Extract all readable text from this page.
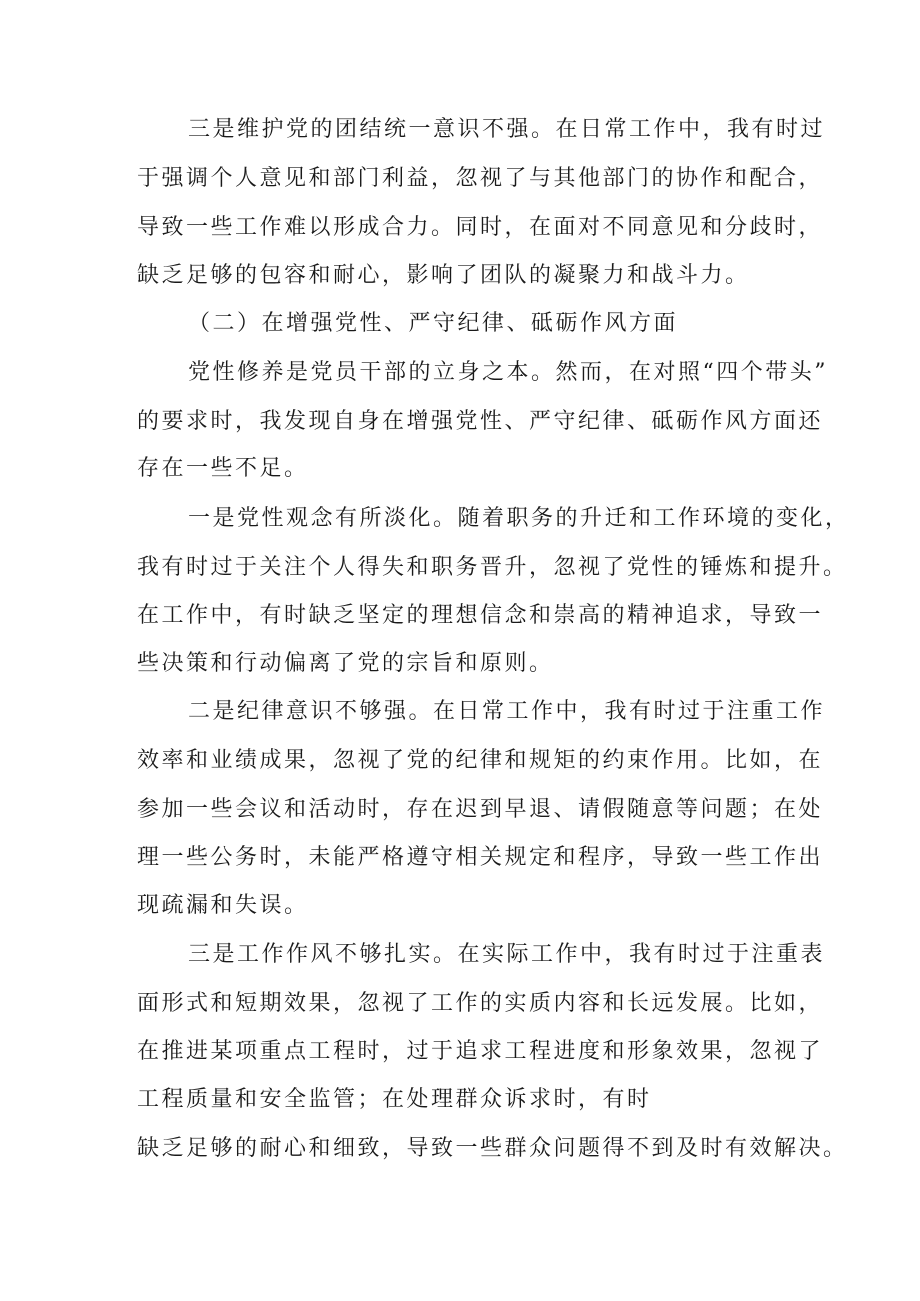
三是维护党的团结统一意识不强。在日常工作中，我有时过
于强调个人意见和部门利益，忽视了与其他部门的协作和配合，
导致一些工作难以形成合力。同时，在面对不同意见和分歧时，
缺乏足够的包容和耐心，影响了团队的凝聚力和战斗力。
（二）在增强党性、严守纪律、砥砺作风方面
党性修养是党员干部的立身之本。然而，在对照“四个带头”
的要求时，我发现自身在增强党性、严守纪律、砥砺作风方面还
存在一些不足。
一是党性观念有所淡化。随着职务的升迁和工作环境的变化，
我有时过于关注个人得失和职务晋升，忽视了党性的锤炼和提升。
在工作中，有时缺乏坚定的理想信念和崇高的精神追求，导致一
些决策和行动偏离了党的宗旨和原则。
二是纪律意识不够强。在日常工作中，我有时过于注重工作
效率和业绩成果，忽视了党的纪律和规矩的约束作用。比如，在
参加一些会议和活动时，存在迟到早退、请假随意等问题；在处
理一些公务时，未能严格遵守相关规定和程序，导致一些工作出
现疏漏和失误。
三是工作作风不够扎实。在实际工作中，我有时过于注重表
面形式和短期效果，忽视了工作的实质内容和长远发展。比如，
在推进某项重点工程时，过于追求工程进度和形象效果，忽视了
工程质量和安全监管；在处理群众诉求时，有时
缺乏足够的耐心和细致，导致一些群众问题得不到及时有效解决。
